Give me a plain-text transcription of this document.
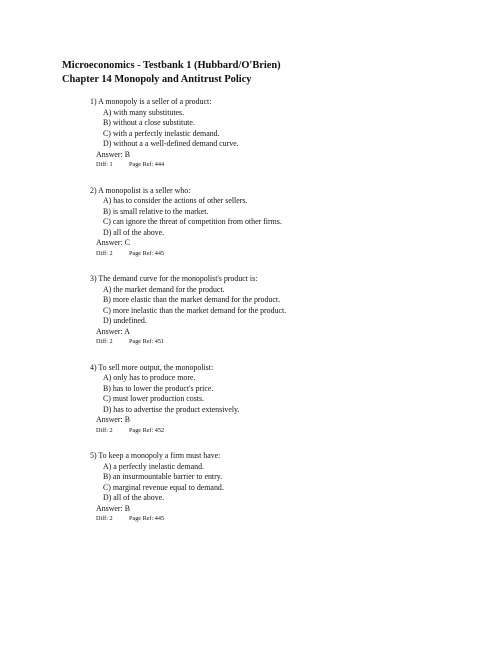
Microeconomics - Testbank 1 (Hubbard/O'Brien)
Chapter 14 Monopoly and Antitrust Policy
1) A monopoly is a seller of a product:
A) with many substitutes.
B) without a close substitute.
C) with a perfectly inelastic demand.
D) without a a well-defined demand curve.
Answer: B
Diff: 1	Page Ref: 444
2) A monopolist is a seller who:
A) has to consider the actions of other sellers.
B) is small relative to the market.
C) can ignore the threat of competition from other firms.
D) all of the above.
Answer: C
Diff: 2	Page Ref: 445
3) The demand curve for the monopolist's product is:
A) the market demand for the product.
B) more elastic than the market demand for the product.
C) more inelastic than the market demand for the product.
D) undefined.
Answer: A
Diff: 2	Page Ref: 451
4) To sell more output, the monopolist:
A) only has to produce more.
B) has to lower the product's price.
C) must lower production costs.
D) has to advertise the product extensively.
Answer: B
Diff: 2	Page Ref: 452
5) To keep a monopoly a firm must have:
A) a perfectly inelastic demand.
B) an insurmountable barrier to entry.
C) marginal revenue equal to demand.
D) all of the above.
Answer: B
Diff: 2	Page Ref: 445
